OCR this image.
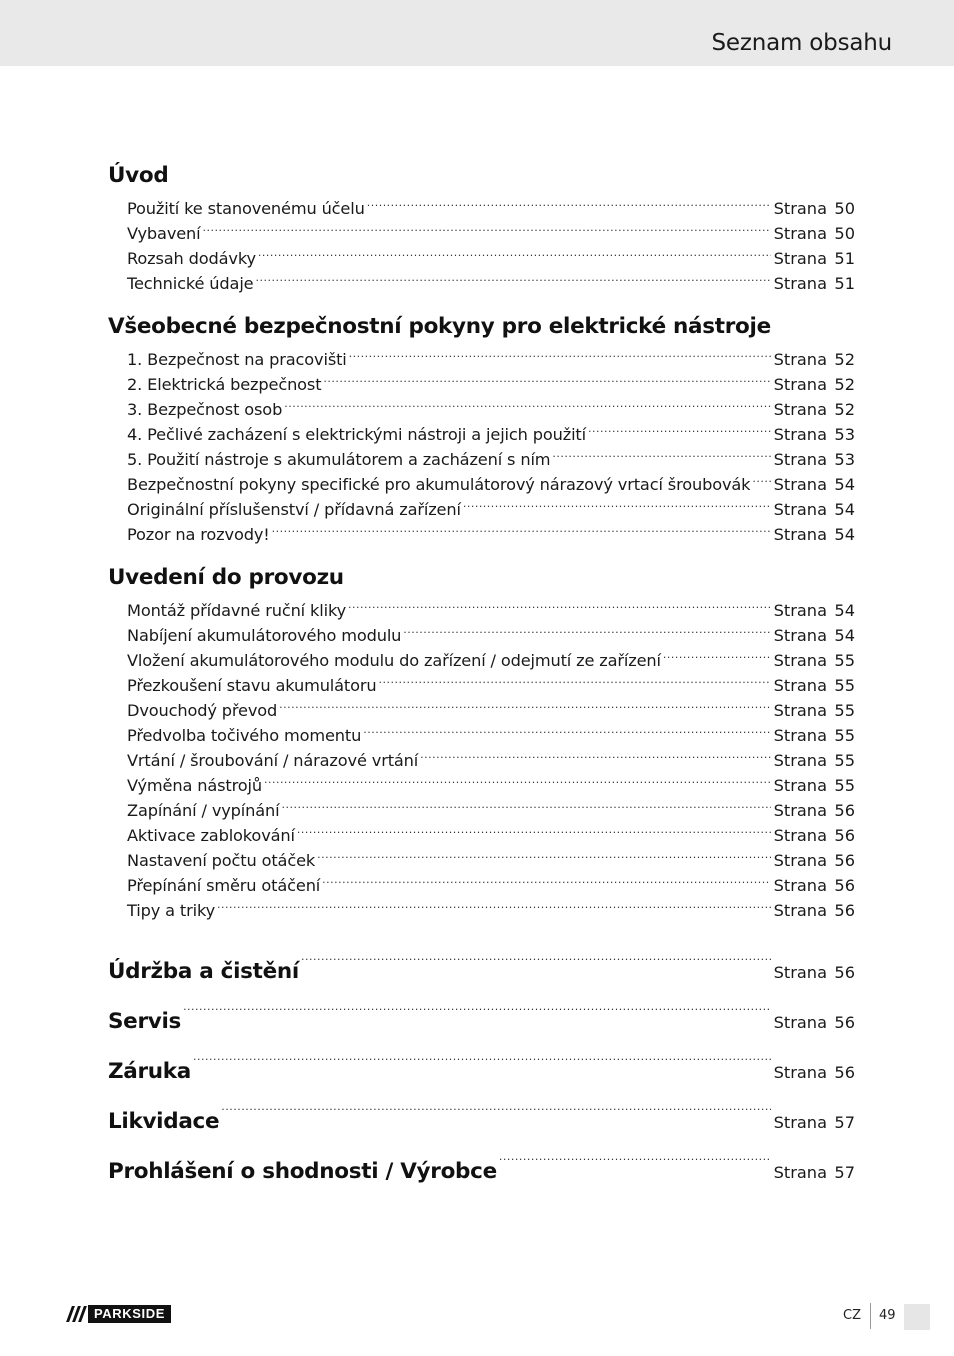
Seznam obsahu
Úvod
Použití ke stanovenému účelu .....	Strana 50
Vybavení .....	Strana 50
Rozsah dodávky .....	Strana 51
Technické údaje .....	Strana 51
Všeobecné bezpečnostní pokyny pro elektrické nástroje
1. Bezpečnost na pracovišti .....	Strana 52
2. Elektrická bezpečnost .....	Strana 52
3. Bezpečnost osob .....	Strana 52
4. Pečlivé zacházení s elektrickými nástroji a jejich použití .....	Strana 53
5. Použití nástroje s akumulátorem a zacházení s ním .....	Strana 53
Bezpečnostní pokyny specifické pro akumulátorový nárazový vrtací šroubovák ..... Strana 54
Originální příslušenství / přídavná zařízení .....	Strana 54
Pozor na rozvody! .....	Strana 54
Uvedení do provozu
Montáž přídavné ruční kliky .....	Strana 54
Nabíjení akumulátorového modulu .....	Strana 54
Vložení akumulátorového modulu do zařízení / odejmutí ze zařízení .....	Strana 55
Přezkoušení stavu akumulátoru .....	Strana 55
Dvouchodý převod .....	Strana 55
Předvolba točivého momentu .....	Strana 55
Vrtání / šroubování / nárazové vrtání .....	Strana 55
Výměna nástrojů .....	Strana 55
Zapínání / vypínání .....	Strana 56
Aktivace zablokování .....	Strana 56
Nastavení počtu otáček .....	Strana 56
Přepínání směru otáčení .....	Strana 56
Tipy a triky .....	Strana 56
Údržba a čistění .....	Strana 56
Servis .....	Strana 56
Záruka .....	Strana 56
Likvidace .....	Strana 57
Prohlášení o shodnosti / Výrobce .....	Strana 57
PARKSIDE	CZ 49
